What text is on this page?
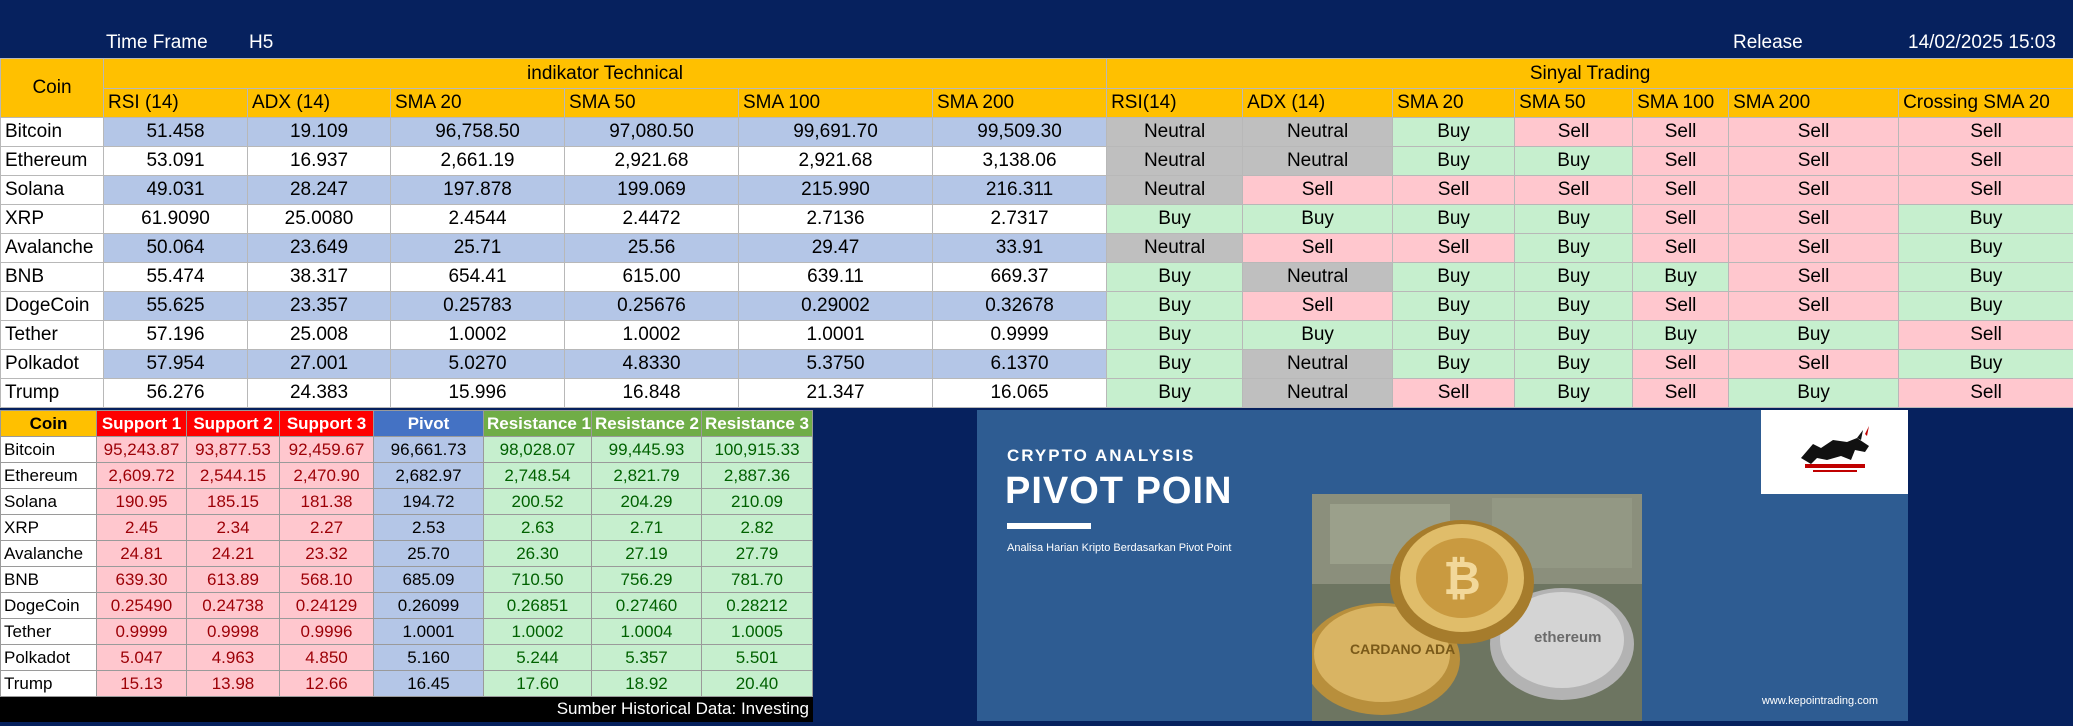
Time Frame H5	Release	14/02/2025 15:03
Coin	indikator Technical						Sinyal Trading						
	RSI (14)	ADX (14)	SMA 20	SMA 50	SMA 100	SMA 200	RSI(14)	ADX (14)	SMA 20	SMA 50	SMA 100	SMA 200	Crossing SMA 20
Bitcoin	51.458	19.109	96,758.50	97,080.50	99,691.70	99,509.30	Neutral	Neutral	Buy	Sell	Sell	Sell	Sell
Ethereum	53.091	16.937	2,661.19	2,921.68	2,921.68	3,138.06	Neutral	Neutral	Buy	Buy	Sell	Sell	Sell
Solana	49.031	28.247	197.878	199.069	215.990	216.311	Neutral	Sell	Sell	Sell	Sell	Sell	Sell
XRP	61.9090	25.0080	2.4544	2.4472	2.7136	2.7317	Buy	Buy	Buy	Buy	Sell	Sell	Buy
Avalanche	50.064	23.649	25.71	25.56	29.47	33.91	Neutral	Sell	Sell	Buy	Sell	Sell	Buy
BNB	55.474	38.317	654.41	615.00	639.11	669.37	Buy	Neutral	Buy	Buy	Buy	Sell	Buy
DogeCoin	55.625	23.357	0.25783	0.25676	0.29002	0.32678	Buy	Sell	Buy	Buy	Sell	Sell	Buy
Tether	57.196	25.008	1.0002	1.0002	1.0001	0.9999	Buy	Buy	Buy	Buy	Buy	Buy	Sell
Polkadot	57.954	27.001	5.0270	4.8330	5.3750	6.1370	Buy	Neutral	Buy	Buy	Sell	Sell	Buy
Trump	56.276	24.383	15.996	16.848	21.347	16.065	Buy	Neutral	Sell	Buy	Sell	Buy	Sell
Coin	Support 1	Support 2	Support 3	Pivot	Resistance 1	Resistance 2	Resistance 3
Bitcoin	95,243.87	93,877.53	92,459.67	96,661.73	98,028.07	99,445.93	100,915.33
Ethereum	2,609.72	2,544.15	2,470.90	2,682.97	2,748.54	2,821.79	2,887.36
Solana	190.95	185.15	181.38	194.72	200.52	204.29	210.09
XRP	2.45	2.34	2.27	2.53	2.63	2.71	2.82
Avalanche	24.81	24.21	23.32	25.70	26.30	27.19	27.79
BNB	639.30	613.89	568.10	685.09	710.50	756.29	781.70
DogeCoin	0.25490	0.24738	0.24129	0.26099	0.26851	0.27460	0.28212
Tether	0.9999	0.9998	0.9996	1.0001	1.0002	1.0004	1.0005
Polkadot	5.047	4.963	4.850	5.160	5.244	5.357	5.501
Trump	15.13	13.98	12.66	16.45	17.60	18.92	20.40
Sumber Historical Data: Investing							
CRYPTO ANALYSIS
PIVOT POIN
Analisa Harian Kripto Berdasarkan Pivot Point
www.kepointrading.com
₿
CARDANO ADA
ethereum
